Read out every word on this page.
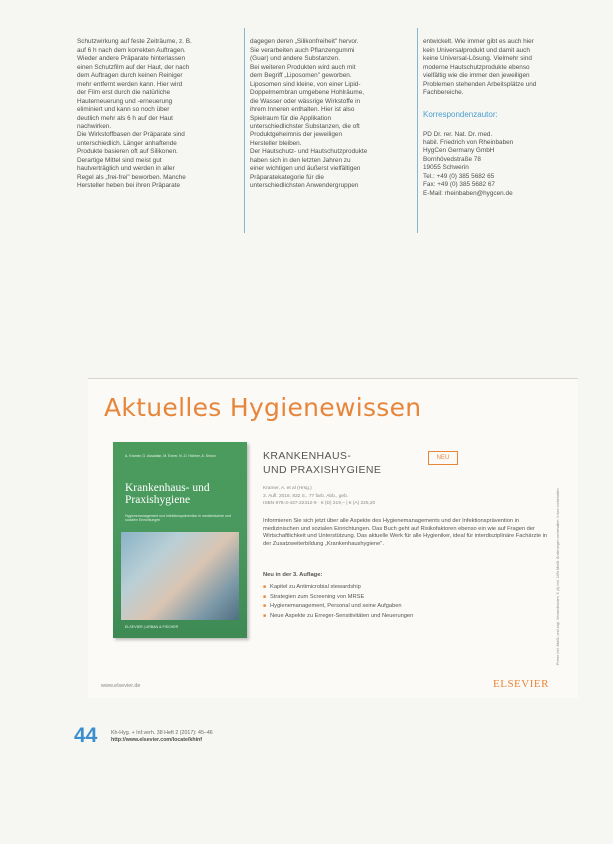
Schutzwirkung auf feste Zeiträume, z. B.
auf 6 h nach dem korrekten Auftragen.
Wieder andere Präparate hinterlassen
einen Schutzfilm auf der Haut, der nach
dem Auftragen durch keinen Reiniger
mehr entfernt werden kann. Hier wird
der Film erst durch die natürliche
Hauterneuerung und -erneuerung
eliminiert und kann so noch über
deutlich mehr als 6 h auf der Haut
nachwirken.
Die Wirkstoffbasen der Präparate sind
unterschiedlich. Länger anhaftende
Produkte basieren oft auf Silikonen.
Derartige Mittel sind meist gut
hautverträglich und werden in aller
Regel als „frei-frei" beworben. Manche
Hersteller heben bei ihren Präparate

dagegen deren „Silikonfreiheit" hervor.
Sie verarbeiten auch Pflanzengummi
(Guar) und andere Substanzen.
Bei weiteren Produkten wird auch mit
dem Begriff „Liposomen" geworben.
Liposomen sind kleine, von einer Lipid-
Doppelmembran umgebene Hohlräume,
die Wasser oder wässrige Wirkstoffe in
ihrem Inneren enthalten. Hier ist also
Spielraum für die Applikation
unterschiedlichster Substanzen, die oft
Produktgeheimnis der jeweiligen
Hersteller bleiben.
Der Hautschutz- und Hautschutzprodukte
haben sich in den letzten Jahren zu
einer wichtigen und äußerst vielfältigen
Präparatekategorie für die
unterschiedlichsten Anwendergruppen

entwickelt. Wie immer gibt es auch hier
kein Universalprodukt und damit auch
keine Universal-Lösung. Vielmehr sind
moderne Hautschutzprodukte ebenso
vielfältig wie die immer den jeweiligen
Problemen stehenden Arbeitsplätze und
Fachbereiche.

Korrespondenzautor:

PD Dr. rer. Nat. Dr. med.
habil. Friedrich von Rheinbaben
HygCen Germany GmbH
Bornhövedstraße 78
19055 Schwerin
Tel.: +49 (0) 385 5682 65
Fax: +49 (0) 385 5682 67
E-Mail: rheinbaben@hygcen.de

Aktuelles Hygienewissen
A. Kramer, O. Assadian, M. Exner, N.-O. Hübner, A. Simon
Krankenhaus- und Praxishygiene
Hygienemanagement und Infektionsprävention in medizinischen und sozialen Einrichtungen
ELSEVIER | URBAN & FISCHER
KRANKENHAUS-
UND PRAXISHYGIENE
NEU
Kramer, A. et al (Hrsg.)
3. Aufl. 2016. 832 S., 77 farb. Abb., geb.
ISBN 978-3-437-22312-9 · € (D) 219,– | € (A) 225,20
Informieren Sie sich jetzt über alle Aspekte des Hygienemanagements und der Infektionsprävention in medizinischen und sozialen Einrichtungen. Das Buch geht auf Risikofaktoren ebenso ein wie auf Fragen der Wirtschaftlichkeit und Unterstützung. Das aktuelle Werk für alle Hygieniker, ideal für interdisziplinäre Fachärzte in der Zusatzweiterbildung „Krankenhaushygiene".
Neu in der 3. Auflage:
■ Kapitel zu Antimicrobial stewardship
■ Strategien zum Screening von MRSE
■ Hygienemanagement, Personal und seine Aufgaben
■ Neue Aspekte zu Erreger-Sensitivitäten und Neuerungen	Preise inkl. MwSt. und zzgl. Versandkosten, € (A) inkl. 10% MwSt. Änderungen vorbehalten. Irrtum vorbehalten.
www.elsevier.de	ELSEVIER
44	Kh-Hyg. + Inf.verh. 38 Heft 2 (2017): 45–46
http://www.elsevier.com/locate/khinf
